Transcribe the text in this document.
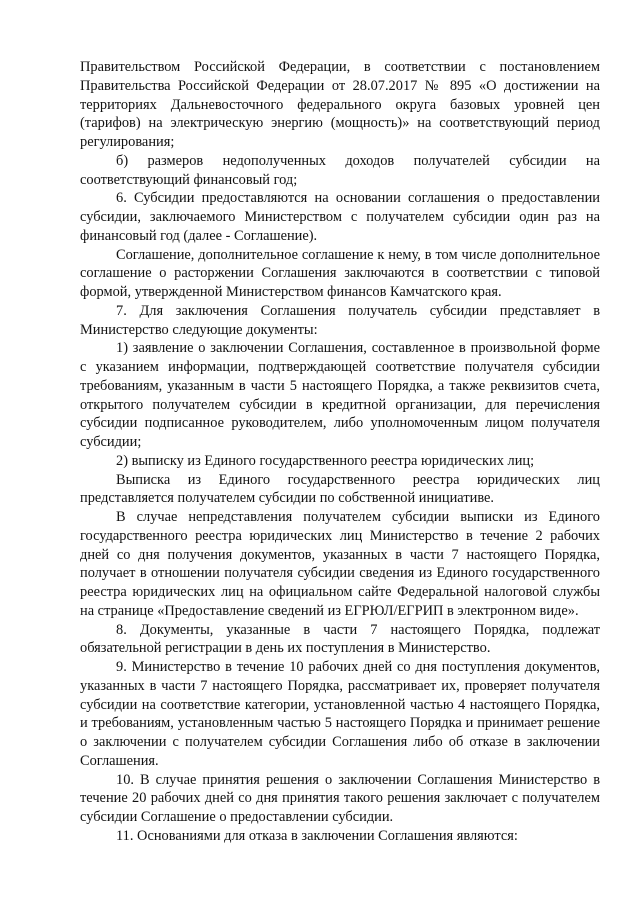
Правительством Российской Федерации, в соответствии с постановлением Правительства Российской Федерации от 28.07.2017 № 895 «О достижении на территориях Дальневосточного федерального округа базовых уровней цен (тарифов) на электрическую энергию (мощность)» на соответствующий период регулирования;

б) размеров недополученных доходов получателей субсидии на соответствующий финансовый год;

6. Субсидии предоставляются на основании соглашения о предоставлении субсидии, заключаемого Министерством с получателем субсидии один раз на финансовый год (далее - Соглашение).

Соглашение, дополнительное соглашение к нему, в том числе дополнительное соглашение о расторжении Соглашения заключаются в соответствии с типовой формой, утвержденной Министерством финансов Камчатского края.

7. Для заключения Соглашения получатель субсидии представляет в Министерство следующие документы:

1) заявление о заключении Соглашения, составленное в произвольной форме с указанием информации, подтверждающей соответствие получателя субсидии требованиям, указанным в части 5 настоящего Порядка, а также реквизитов счета, открытого получателем субсидии в кредитной организации, для перечисления субсидии подписанное руководителем, либо уполномоченным лицом получателя субсидии;

2) выписку из Единого государственного реестра юридических лиц;

Выписка из Единого государственного реестра юридических лиц представляется получателем субсидии по собственной инициативе.

В случае непредставления получателем субсидии выписки из Единого государственного реестра юридических лиц Министерство в течение 2 рабочих дней со дня получения документов, указанных в части 7 настоящего Порядка, получает в отношении получателя субсидии сведения из Единого государственного реестра юридических лиц на официальном сайте Федеральной налоговой службы на странице «Предоставление сведений из ЕГРЮЛ/ЕГРИП в электронном виде».

8. Документы, указанные в части 7 настоящего Порядка, подлежат обязательной регистрации в день их поступления в Министерство.

9. Министерство в течение 10 рабочих дней со дня поступления документов, указанных в части 7 настоящего Порядка, рассматривает их, проверяет получателя субсидии на соответствие категории, установленной частью 4 настоящего Порядка, и требованиям, установленным частью 5 настоящего Порядка и принимает решение о заключении с получателем субсидии Соглашения либо об отказе в заключении Соглашения.

10. В случае принятия решения о заключении Соглашения Министерство в течение 20 рабочих дней со дня принятия такого решения заключает с получателем субсидии Соглашение о предоставлении субсидии.

11. Основаниями для отказа в заключении Соглашения являются:
